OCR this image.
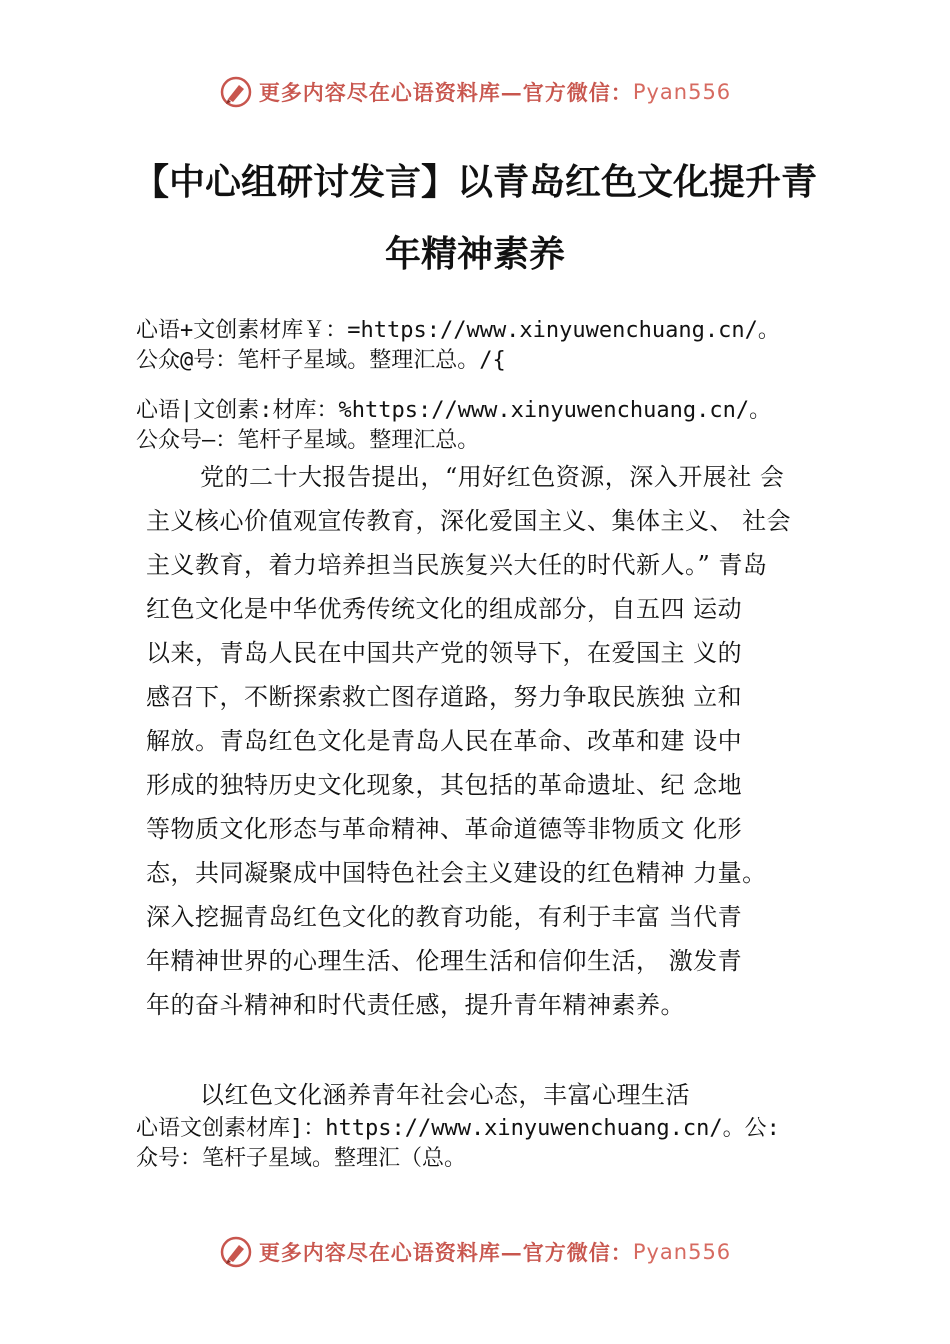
更多内容尽在心语资料库—官方微信： Pyan556
【中心组研讨发言】以青岛红色文化提升青
年精神素养
心语+文创素材库￥：=https://www.xinyuwenchuang.cn/。
公众@号：笔杆子星域。整理汇总。/{
心语|文创素:材库：%https://www.xinyuwenchuang.cn/。
公众号—：笔杆子星域。整理汇总。
党的二十大报告提出，“用好红色资源，深入开展社 会
主义核心价值观宣传教育，深化爱国主义、集体主义、 社会
主义教育，着力培养担当民族复兴大任的时代新人。” 青岛
红色文化是中华优秀传统文化的组成部分，自五四 运动
以来，青岛人民在中国共产党的领导下，在爱国主 义的
感召下，不断探索救亡图存道路，努力争取民族独 立和
解放。青岛红色文化是青岛人民在革命、改革和建 设中
形成的独特历史文化现象，其包括的革命遗址、纪 念地
等物质文化形态与革命精神、革命道德等非物质文 化形
态，共同凝聚成中国特色社会主义建设的红色精神 力量。
深入挖掘青岛红色文化的教育功能，有利于丰富 当代青
年精神世界的心理生活、伦理生活和信仰生活， 激发青
年的奋斗精神和时代责任感，提升青年精神素养。
以红色文化涵养青年社会心态，丰富心理生活
心语文创素材库]：https://www.xinyuwenchuang.cn/。公:
众号：笔杆子星域。整理汇（总。
更多内容尽在心语资料库—官方微信： Pyan556
